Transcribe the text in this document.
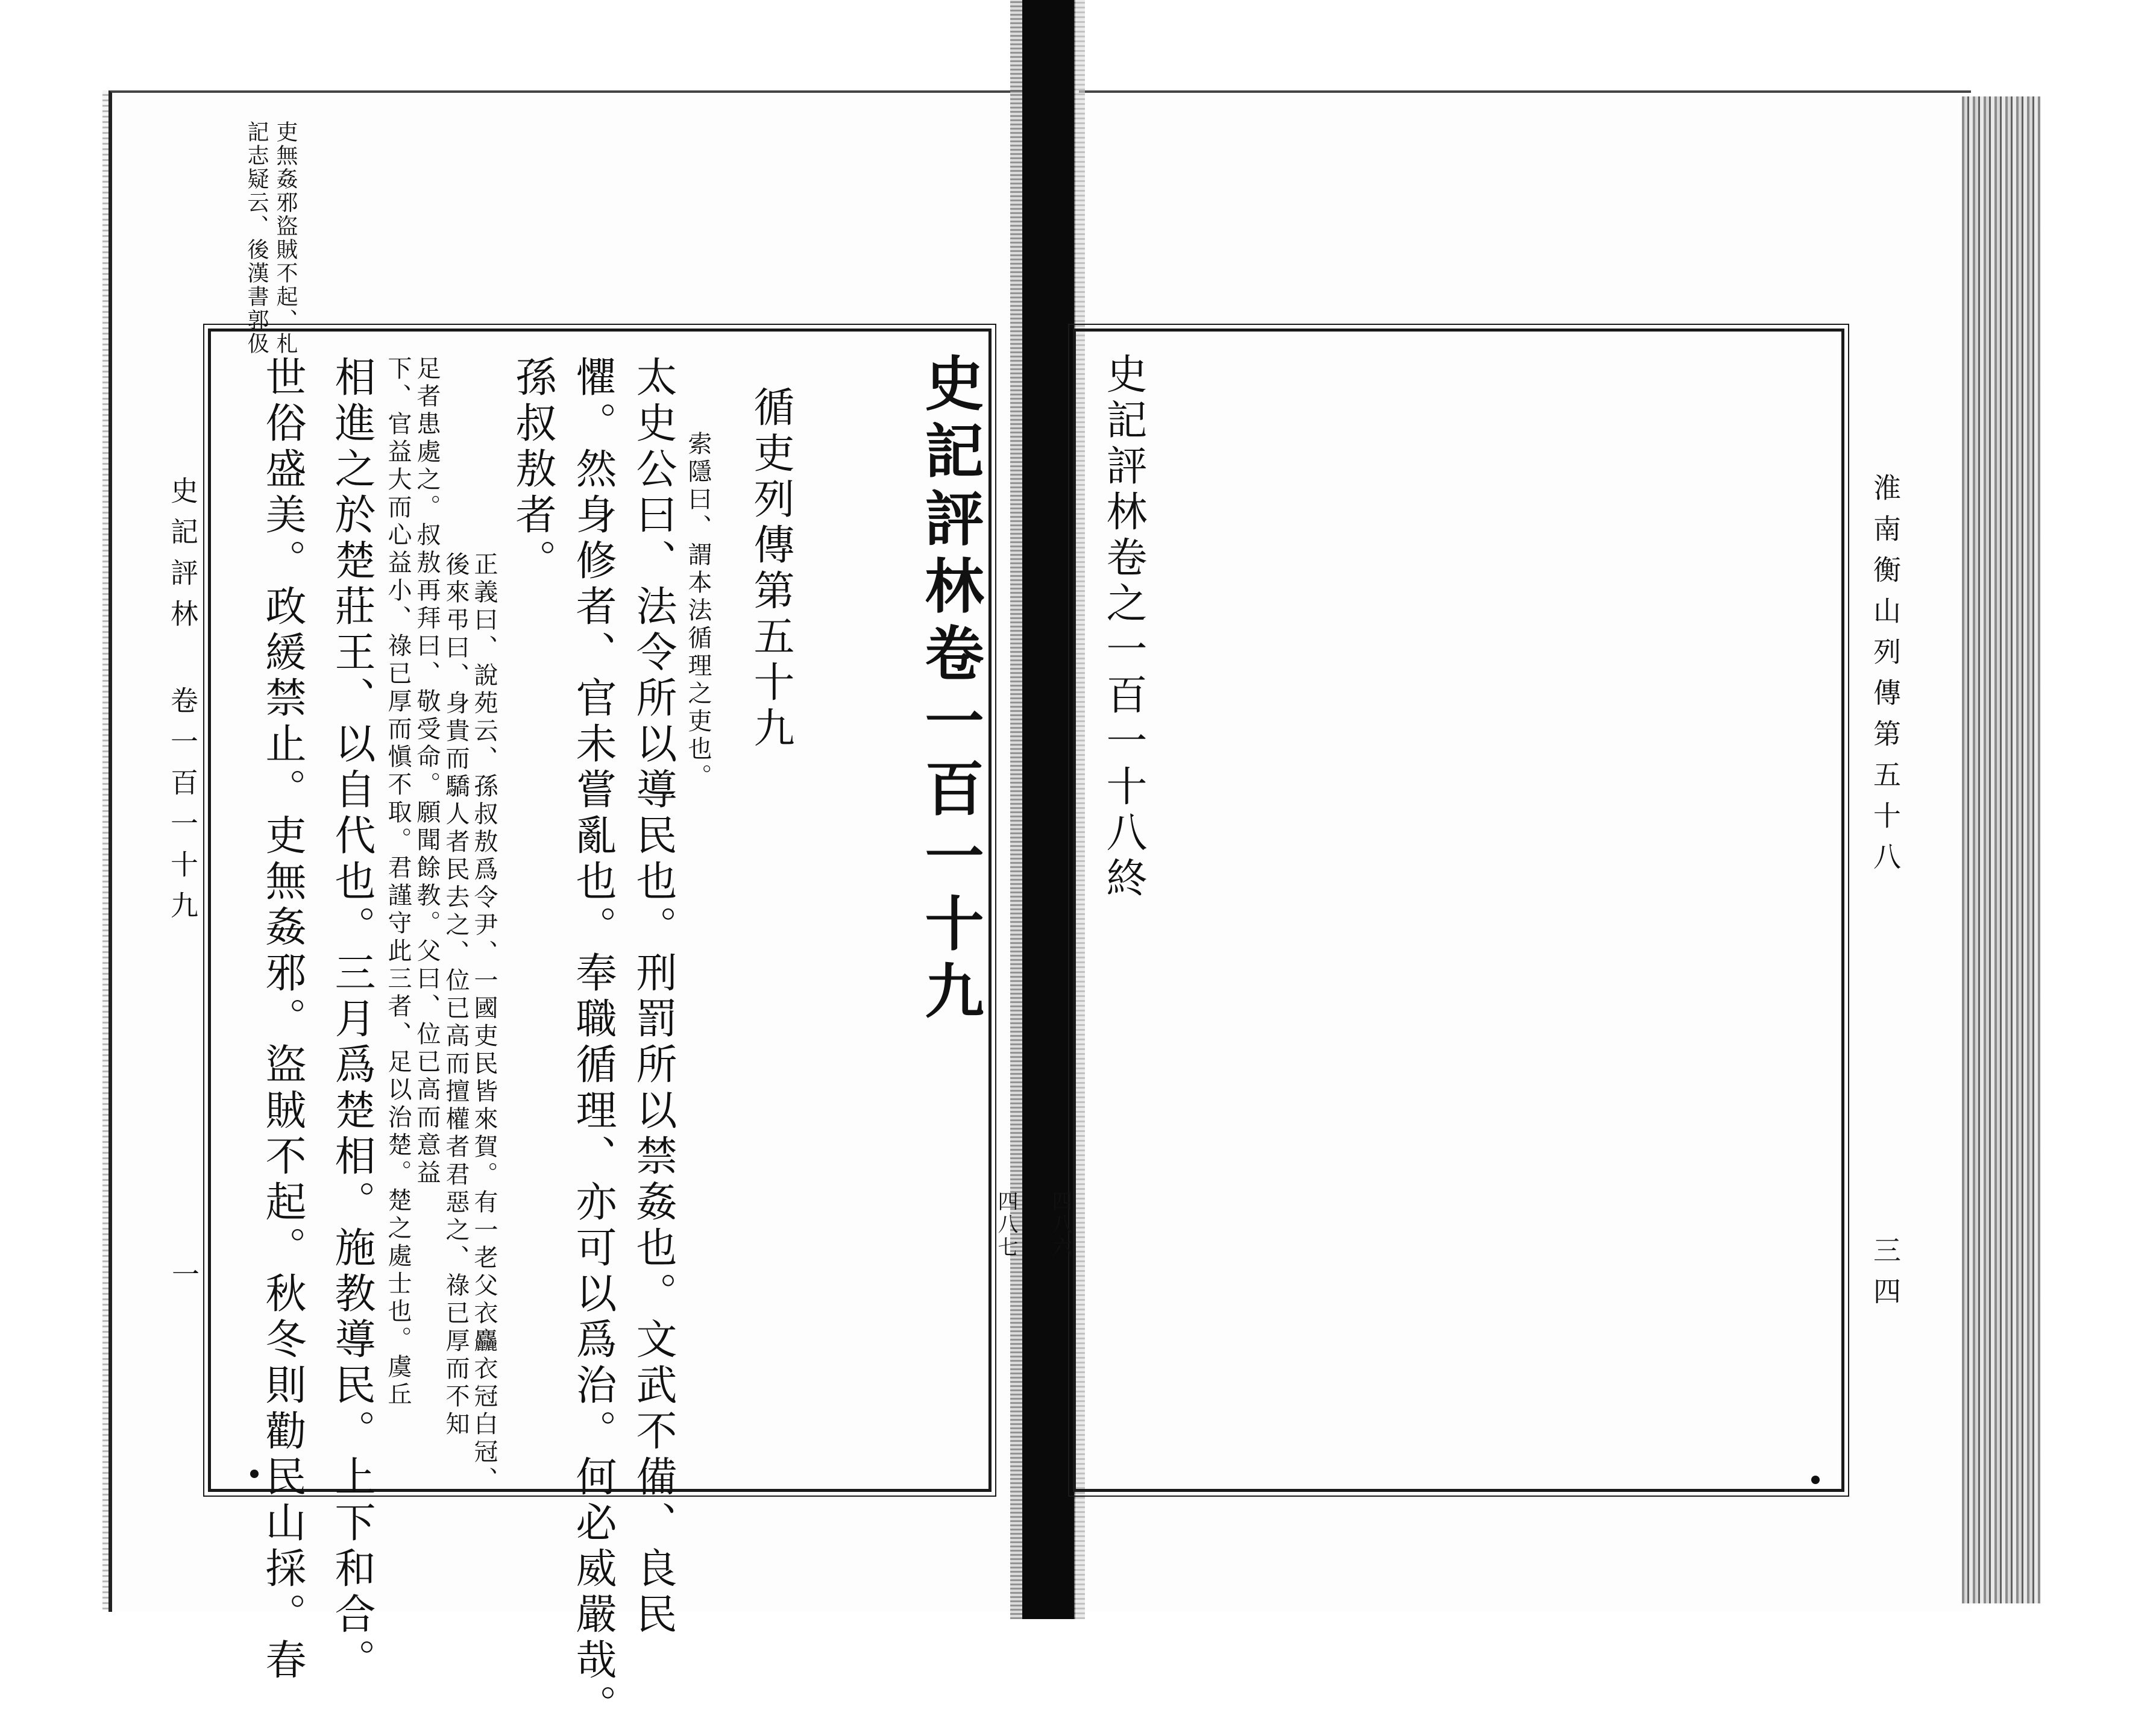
吏無姦邪盜賊不起、札
記志疑云、後漢書郭伋
史記評林 卷一百一十九
一
史記評林卷一百一十九
循吏列傳第五十九
索隱曰、謂本法循理之吏也。
太史公曰、法令所以導民也。刑罰所以禁姦也。文武不備、良民
懼。然身修者、官未嘗亂也。奉職循理、亦可以爲治。何必威嚴哉。
孫叔敖者。
正義曰、說苑云、孫叔敖爲令尹、一國吏民皆來賀。有一老父衣麤衣冠白冠、
後來弔曰、身貴而驕人者民去之、位已高而擅權者君惡之、祿已厚而不知
足者患處之。叔敖再拜曰、敬受命。願聞餘教。父曰、位已高而意益
下、官益大而心益小、祿已厚而愼不取。君謹守此三者、足以治楚。楚之處士也。虞丘
相進之於楚莊王、以自代也。三月爲楚相。施教導民。上下和合。
世俗盛美。政緩禁止。吏無姦邪。盜賊不起。秋冬則勸民山採。春	四八七
史記評林卷之一百一十八終	淮南衡山列傳第五十八
三四
四八六
